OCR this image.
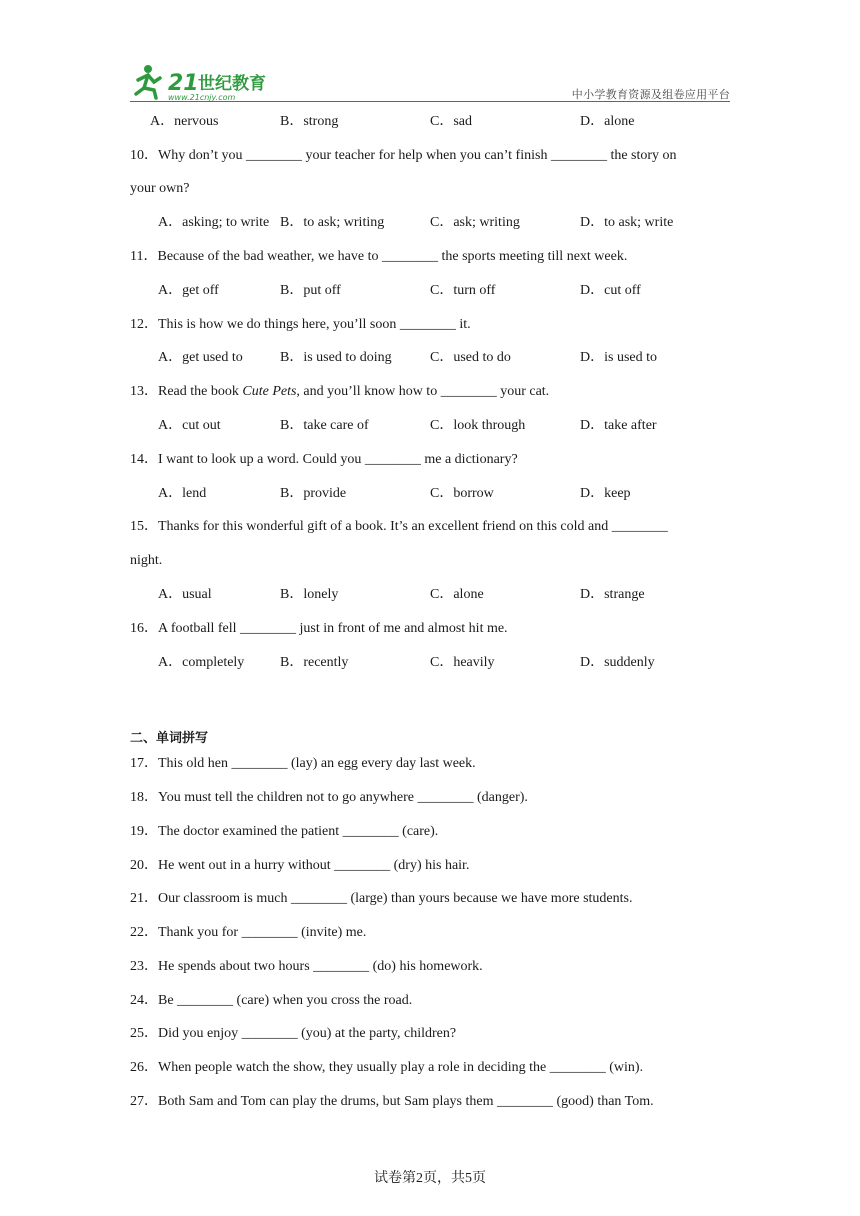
21 世纪教育
www.21cnjy.com	中小学教育资源及组卷应用平台
A．nervous	B．strong	C．sad	D．alone
10．Why don’t you ________ your teacher for help when you can’t finish ________ the story on
your own?
A．asking; to write B．to ask; writing	C．ask; writing	D．to ask; write
11．Because of the bad weather, we have to ________ the sports meeting till next week.
A．get off	B．put off	C．turn off	D．cut off
12．This is how we do things here, you’ll soon ________ it.
A．get used to	B．is used to doing	C．used to do	D．is used to
13．Read the book Cute Pets, and you’ll know how to ________ your cat.
A．cut out	B．take care of	C．look through	D．take after
14．I want to look up a word. Could you ________ me a dictionary?
A．lend	B．provide	C．borrow	D．keep
15．Thanks for this wonderful gift of a book. It’s an excellent friend on this cold and ________
night.
A．usual	B．lonely	C．alone	D．strange
16．A football fell ________ just in front of me and almost hit me.
A．completely	B．recently	C．heavily	D．suddenly
二、单词拼写
17．This old hen ________ (lay) an egg every day last week.
18．You must tell the children not to go anywhere ________ (danger).
19．The doctor examined the patient ________ (care).
20．He went out in a hurry without ________ (dry) his hair.
21．Our classroom is much ________ (large) than yours because we have more students.
22．Thank you for ________ (invite) me.
23．He spends about two hours ________ (do) his homework.
24．Be ________ (care) when you cross the road.
25．Did you enjoy ________ (you) at the party, children?
26．When people watch the show, they usually play a role in deciding the ________ (win).
27．Both Sam and Tom can play the drums, but Sam plays them ________ (good) than Tom.
试卷第2页，共5页
